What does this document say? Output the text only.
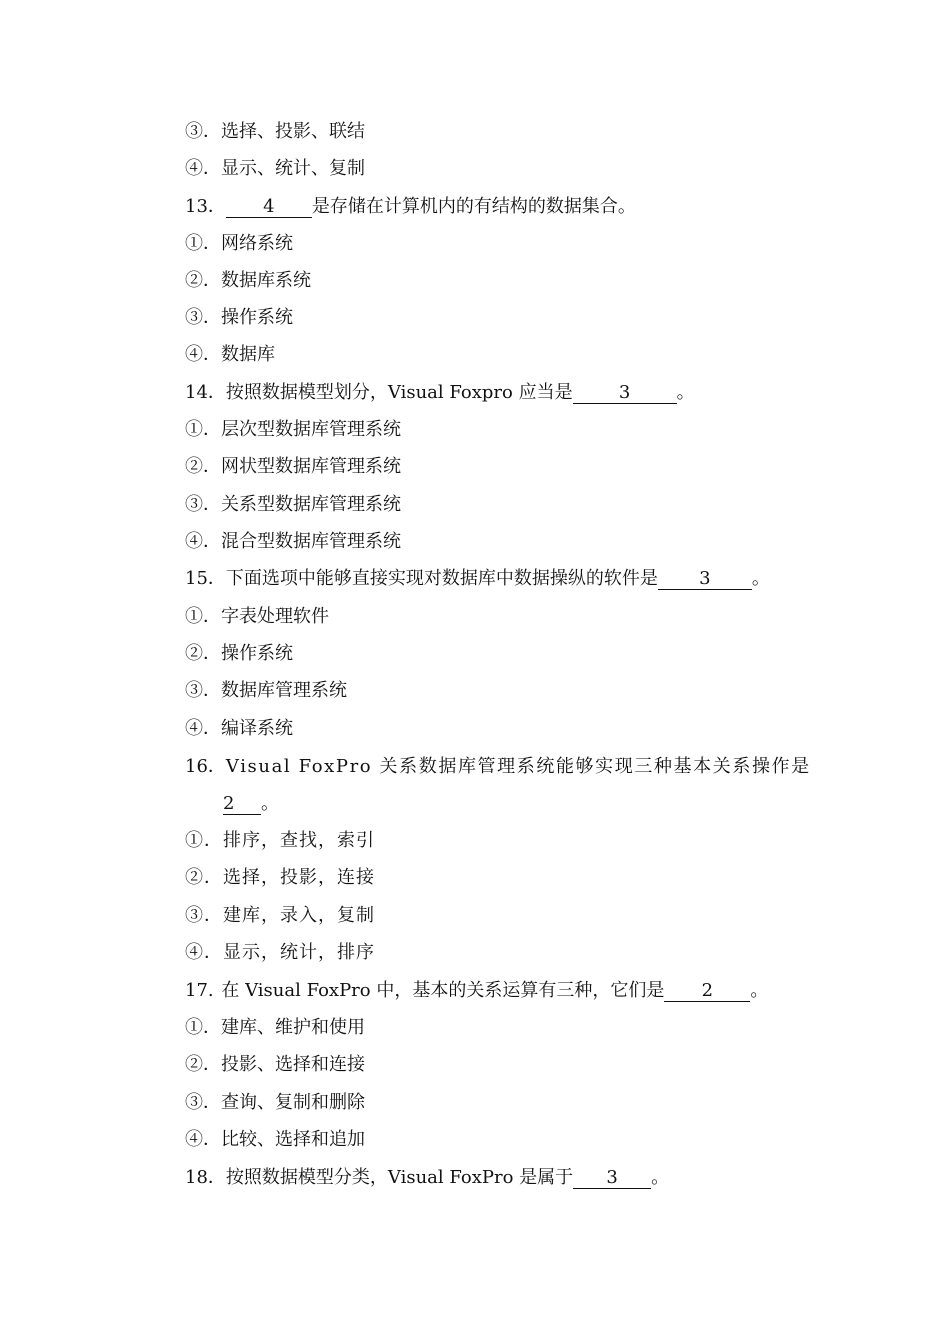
③．选择、投影、联结
④．显示、统计、复制
13． 4 是存储在计算机内的有结构的数据集合。
①．网络系统
②．数据库系统
③．操作系统
④．数据库
14．按照数据模型划分，Visual Foxpro 应当是	3	。
①．层次型数据库管理系统
②．网状型数据库管理系统
③．关系型数据库管理系统
④．混合型数据库管理系统
15．下面选项中能够直接实现对数据库中数据操纵的软件是 3 。
①．字表处理软件
②．操作系统
③．数据库管理系统
④．编译系统
16．Visual FoxPro 关系数据库管理系统能够实现三种基本关系操作是
2 。
①．排序，查找，索引
②．选择，投影，连接
③．建库，录入，复制
④．显示，统计，排序
17. 在 Visual FoxPro 中，基本的关系运算有三种，它们是 2 。
①．建库、维护和使用
②．投影、选择和连接
③．查询、复制和删除
④．比较、选择和追加
18．按照数据模型分类，Visual FoxPro 是属于 3 。
